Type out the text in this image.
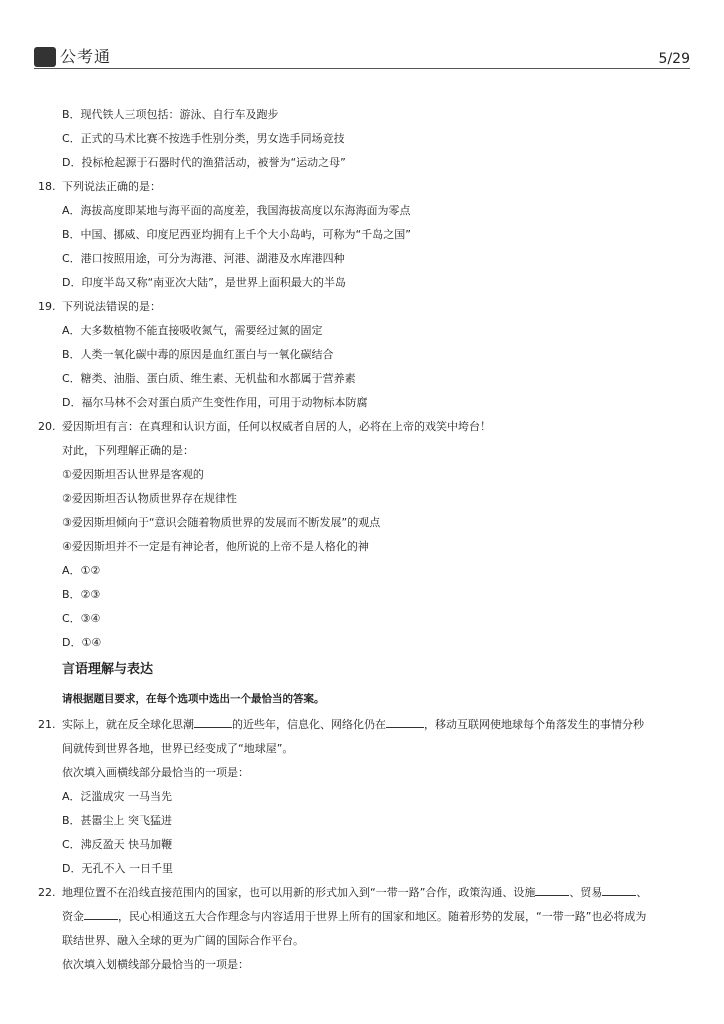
公考通	5/29
B．现代铁人三项包括：游泳、自行车及跑步
C．正式的马术比赛不按选手性别分类，男女选手同场竞技
D．投标枪起源于石器时代的渔猎活动，被誉为“运动之母”
18. 下列说法正确的是：
A．海拔高度即某地与海平面的高度差，我国海拔高度以东海海面为零点
B．中国、挪威、印度尼西亚均拥有上千个大小岛屿，可称为“千岛之国”
C．港口按照用途，可分为海港、河港、湖港及水库港四种
D．印度半岛又称“南亚次大陆”，是世界上面积最大的半岛
19. 下列说法错误的是：
A．大多数植物不能直接吸收氮气，需要经过氮的固定
B．人类一氧化碳中毒的原因是血红蛋白与一氧化碳结合
C．糖类、油脂、蛋白质、维生素、无机盐和水都属于营养素
D．福尔马林不会对蛋白质产生变性作用，可用于动物标本防腐
20. 爱因斯坦有言：在真理和认识方面，任何以权威者自居的人，必将在上帝的戏笑中垮台！
对此，下列理解正确的是：
①爱因斯坦否认世界是客观的
②爱因斯坦否认物质世界存在规律性
③爱因斯坦倾向于“意识会随着物质世界的发展而不断发展”的观点
④爱因斯坦并不一定是有神论者，他所说的上帝不是人格化的神
A．①②
B．②③
C．③④
D．①④
言语理解与表达
请根据题目要求，在每个选项中选出一个最恰当的答案。
21. 实际上，就在反全球化思潮	的近些年，信息化、网络化仍在	，移动互联网使地球每个角落发生的事情分秒
间就传到世界各地，世界已经变成了“地球屋”。
依次填入画横线部分最恰当的一项是：
A．泛滥成灾 一马当先
B．甚嚣尘上 突飞猛进
C．沸反盈天 快马加鞭
D．无孔不入 一日千里
22. 地理位置不在沿线直接范围内的国家，也可以用新的形式加入到“一带一路”合作，政策沟通、设施	、贸易	、
资金	，民心相通这五大合作理念与内容适用于世界上所有的国家和地区。随着形势的发展，“一带一路”也必将成为
联结世界、融入全球的更为广阔的国际合作平台。
依次填入划横线部分最恰当的一项是：
